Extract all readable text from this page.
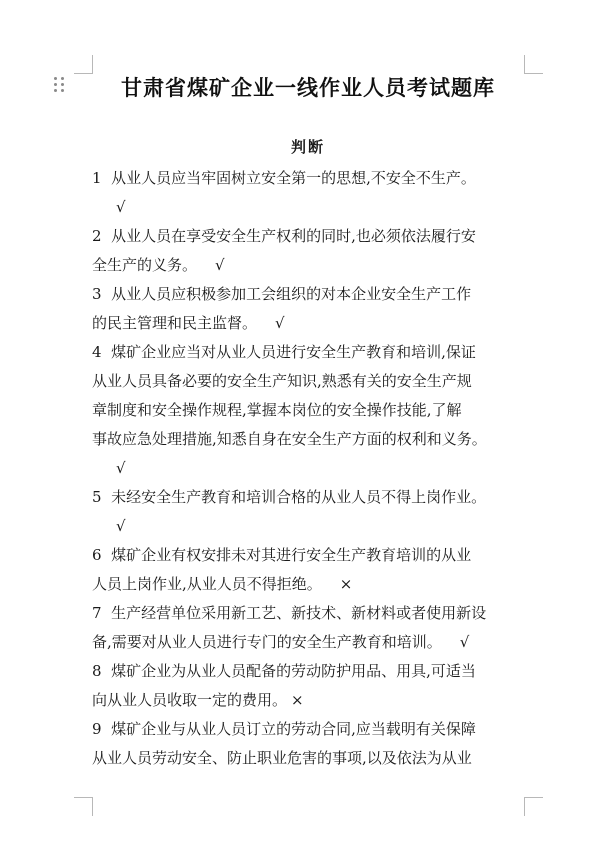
甘肃省煤矿企业一线作业人员考试题库
判断
1 从业人员应当牢固树立安全第一的思想,不安全不生产。
√
2 从业人员在享受安全生产权利的同时,也必须依法履行安
全生产的义务。 √
3 从业人员应积极参加工会组织的对本企业安全生产工作
的民主管理和民主监督。 √
4 煤矿企业应当对从业人员进行安全生产教育和培训,保证
从业人员具备必要的安全生产知识,熟悉有关的安全生产规
章制度和安全操作规程,掌握本岗位的安全操作技能,了解
事故应急处理措施,知悉自身在安全生产方面的权利和义务。
√
5 未经安全生产教育和培训合格的从业人员不得上岗作业。
√
6 煤矿企业有权安排未对其进行安全生产教育培训的从业
人员上岗作业,从业人员不得拒绝。 ×
7 生产经营单位采用新工艺、新技术、新材料或者使用新设
备,需要对从业人员进行专门的安全生产教育和培训。 √
8 煤矿企业为从业人员配备的劳动防护用品、用具,可适当
向从业人员收取一定的费用。 ×
9 煤矿企业与从业人员订立的劳动合同,应当载明有关保障
从业人员劳动安全、防止职业危害的事项,以及依法为从业
